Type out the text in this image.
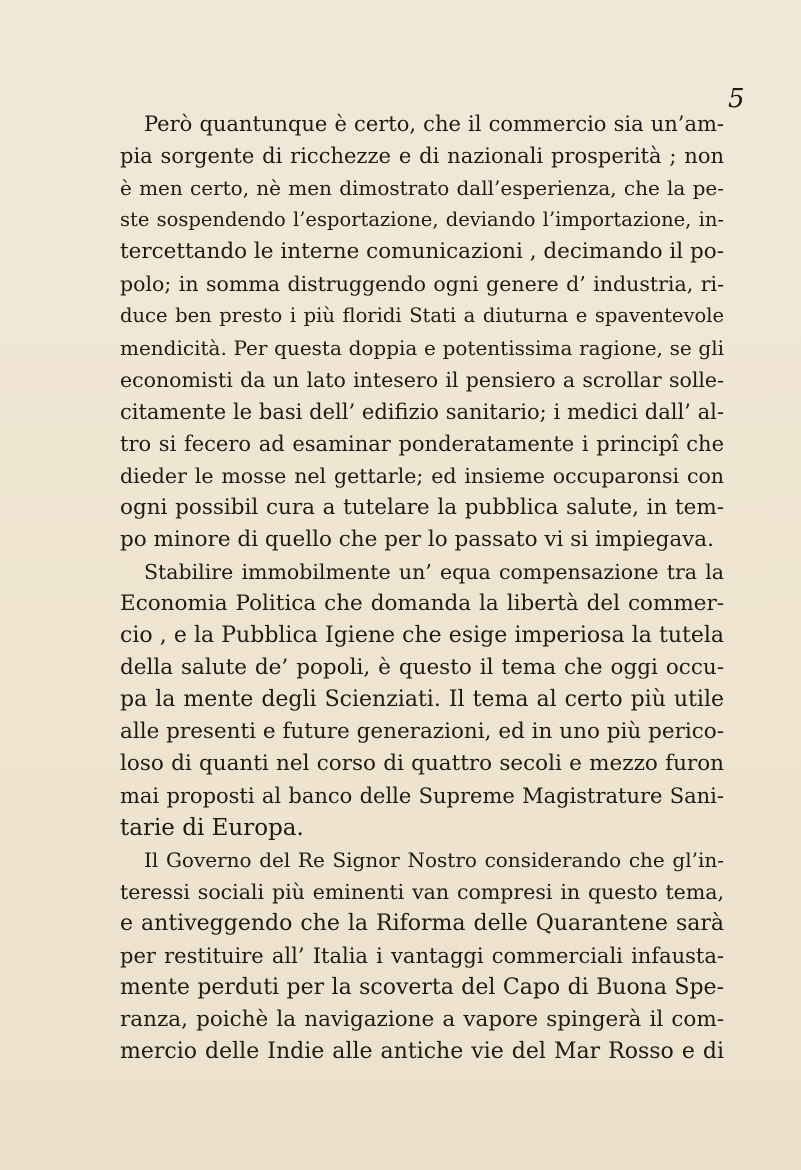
5
Però quantunque è certo, che il commercio sia un’am-
pia sorgente di ricchezze e di nazionali prosperità ; non
è men certo, nè men dimostrato dall’esperienza, che la pe-
ste sospendendo l’esportazione, deviando l’importazione, in-
tercettando le interne comunicazioni , decimando il po-
polo; in somma distruggendo ogni genere d’ industria, ri-
duce ben presto i più floridi Stati a diuturna e spaventevole
mendicità. Per questa doppia e potentissima ragione, se gli
economisti da un lato intesero il pensiero a scrollar solle-
citamente le basi dell’ edifizio sanitario; i medici dall’ al-
tro si fecero ad esaminar ponderatamente i principî che
dieder le mosse nel gettarle; ed insieme occuparonsi con
ogni possibil cura a tutelare la pubblica salute, in tem-
po minore di quello che per lo passato vi si impiegava.
Stabilire immobilmente un’ equa compensazione tra la
Economia Politica che domanda la libertà del commer-
cio , e la Pubblica Igiene che esige imperiosa la tutela
della salute de’ popoli, è questo il tema che oggi occu-
pa la mente degli Scienziati. Il tema al certo più utile
alle presenti e future generazioni, ed in uno più perico-
loso di quanti nel corso di quattro secoli e mezzo furon
mai proposti al banco delle Supreme Magistrature Sani-
tarie di Europa.
Il Governo del Re Signor Nostro considerando che gl’in-
teressi sociali più eminenti van compresi in questo tema,
e antiveggendo che la Riforma delle Quarantene sarà
per restituire all’ Italia i vantaggi commerciali infausta-
mente perduti per la scoverta del Capo di Buona Spe-
ranza, poichè la navigazione a vapore spingerà il com-
mercio delle Indie alle antiche vie del Mar Rosso e di
